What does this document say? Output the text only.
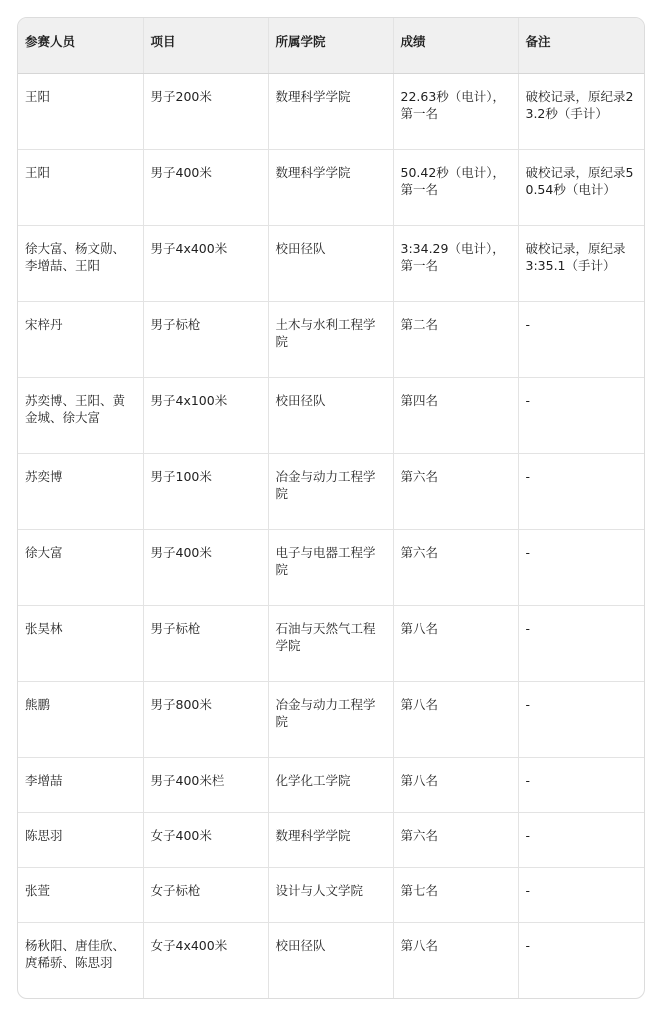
参赛人员	项目	所属学院	成绩	备注
王阳	男子200米	数理科学学院	22.63秒（电计），第一名	破校记录，原纪录23.2秒（手计）
王阳	男子400米	数理科学学院	50.42秒（电计），第一名	破校记录，原纪录50.54秒（电计）
徐大富、杨文勋、李增喆、王阳	男子4x400米	校田径队	3:34.29（电计），第一名	破校记录，原纪录3:35.1（手计）
宋梓丹	男子标枪	土木与水利工程学院	第二名	-
苏奕博、王阳、黄金城、徐大富	男子4x100米	校田径队	第四名	-
苏奕博	男子100米	冶金与动力工程学院	第六名	-
徐大富	男子400米	电子与电器工程学院	第六名	-
张昊林	男子标枪	石油与天然气工程学院	第八名	-
熊鹏	男子800米	冶金与动力工程学院	第八名	-
李增喆	男子400米栏	化学化工学院	第八名	-
陈思羽	女子400米	数理科学学院	第六名	-
张萱	女子标枪	设计与人文学院	第七名	-
杨秋阳、唐佳欣、庹稀骄、陈思羽	女子4x400米	校田径队	第八名	-
